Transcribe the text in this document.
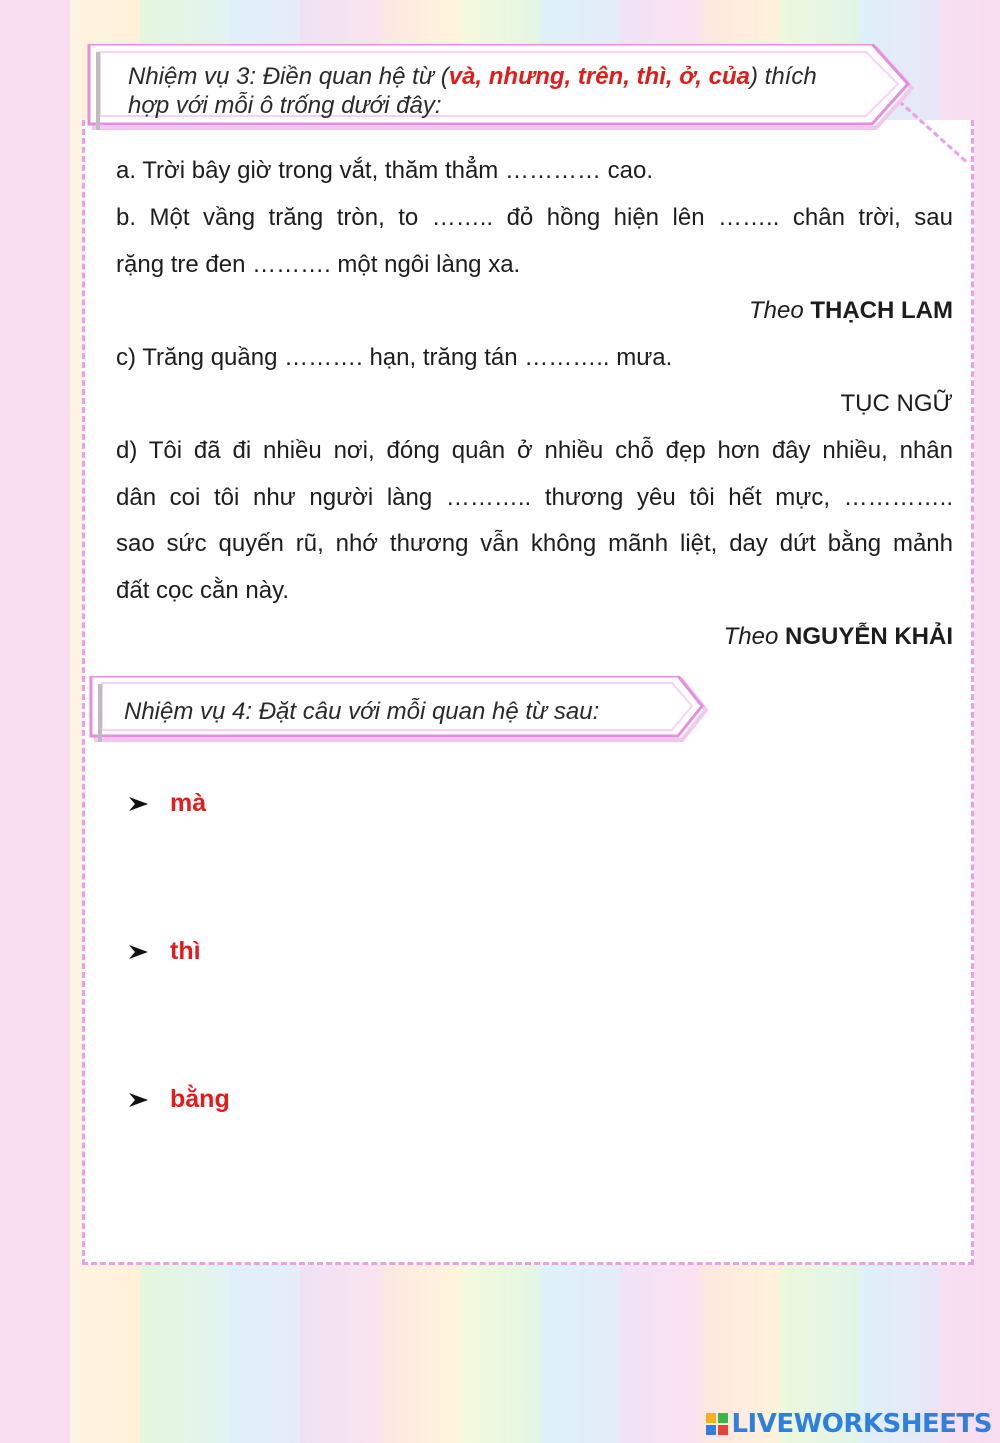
Nhiệm vụ 3: Điền quan hệ từ (và, nhưng, trên, thì, ở, của) thích
hợp với mỗi ô trống dưới đây:
a. Trời bây giờ trong vắt, thăm thẳm ………… cao.
b. Một vầng trăng tròn, to …….. đỏ hồng hiện lên …….. chân trời, sau
rặng tre đen ………. một ngôi làng xa.
Theo THẠCH LAM
c) Trăng quầng ………. hạn, trăng tán ……….. mưa.
TỤC NGỮ
d) Tôi đã đi nhiều nơi, đóng quân ở nhiều chỗ đẹp hơn đây nhiều, nhân
dân coi tôi như người làng ……….. thương yêu tôi hết mực, …………..
sao sức quyến rũ, nhớ thương vẫn không mãnh liệt, day dứt bằng mảnh
đất cọc cằn này.
Theo NGUYỄN KHẢI
Nhiệm vụ 4: Đặt câu với mỗi quan hệ từ sau:
mà
thì
bằng
LIVEWORKSHEETS
